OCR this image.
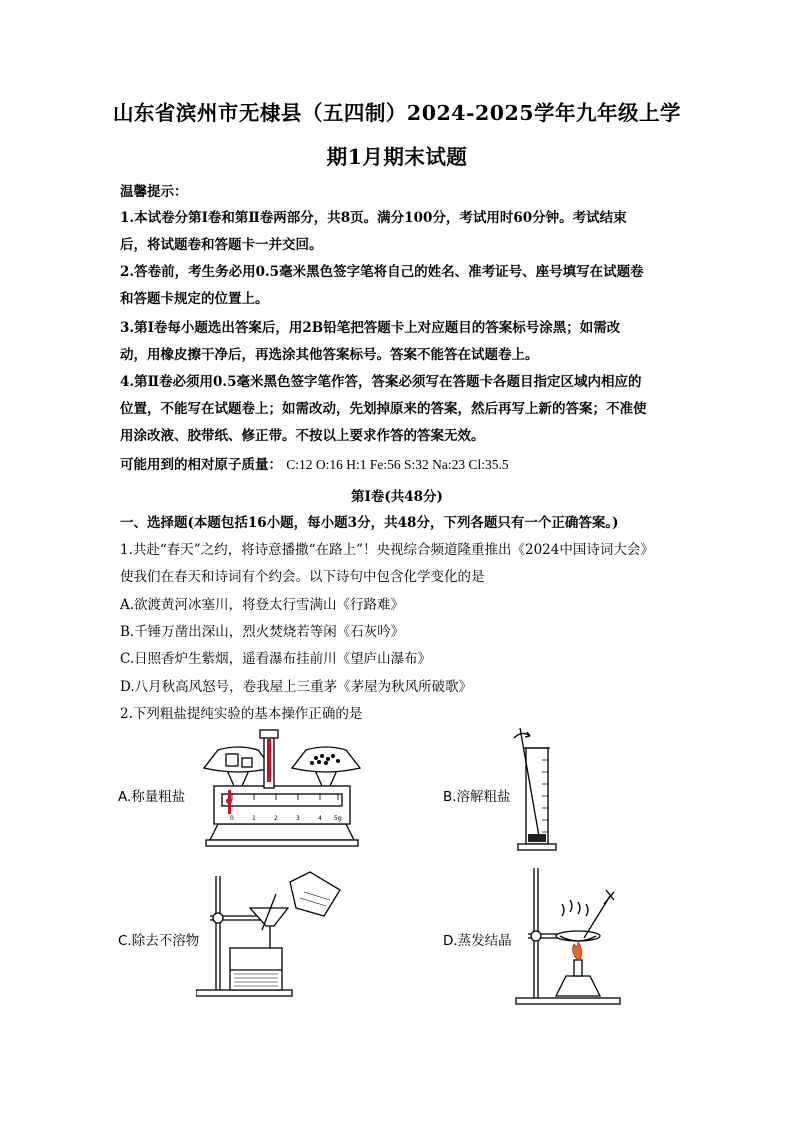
山东省滨州市无棣县（五四制）2024-2025学年九年级上学
期1月期末试题
温馨提示：
1.本试卷分第Ⅰ卷和第Ⅱ卷两部分，共8页。满分100分，考试用时60分钟。考试结束
后，将试题卷和答题卡一并交回。
2.答卷前，考生务必用0.5毫米黑色签字笔将自己的姓名、准考证号、座号填写在试题卷
和答题卡规定的位置上。
3.第Ⅰ卷每小题选出答案后，用2B铅笔把答题卡上对应题目的答案标号涂黑；如需改
动，用橡皮擦干净后，再选涂其他答案标号。答案不能答在试题卷上。
4.第Ⅱ卷必须用0.5毫米黑色签字笔作答，答案必须写在答题卡各题目指定区域内相应的
位置，不能写在试题卷上；如需改动，先划掉原来的答案，然后再写上新的答案；不准使
用涂改液、胶带纸、修正带。不按以上要求作答的答案无效。
可能用到的相对原子质量： C:12 O:16 H:1 Fe:56 S:32 Na:23 Cl:35.5
第Ⅰ卷(共48分)
一、选择题(本题包括16小题，每小题3分，共48分，下列各题只有一个正确答案。)
1.共赴“春天”之约，将诗意播撒“在路上”！央视综合频道隆重推出《2024中国诗词大会》
使我们在春天和诗词有个约会。以下诗句中包含化学变化的是
A.欲渡黄河冰塞川，将登太行雪满山《行路难》
B.千锤万凿出深山，烈火焚烧若等闲《石灰吟》
C.日照香炉生紫烟，遥看瀑布挂前川《望庐山瀑布》
D.八月秋高风怒号，卷我屋上三重茅《茅屋为秋风所破歌》
2.下列粗盐提纯实验的基本操作正确的是
A.称量粗盐	B.溶解粗盐
C.除去不溶物	D.蒸发结晶
0	1	2	3	4 5g
